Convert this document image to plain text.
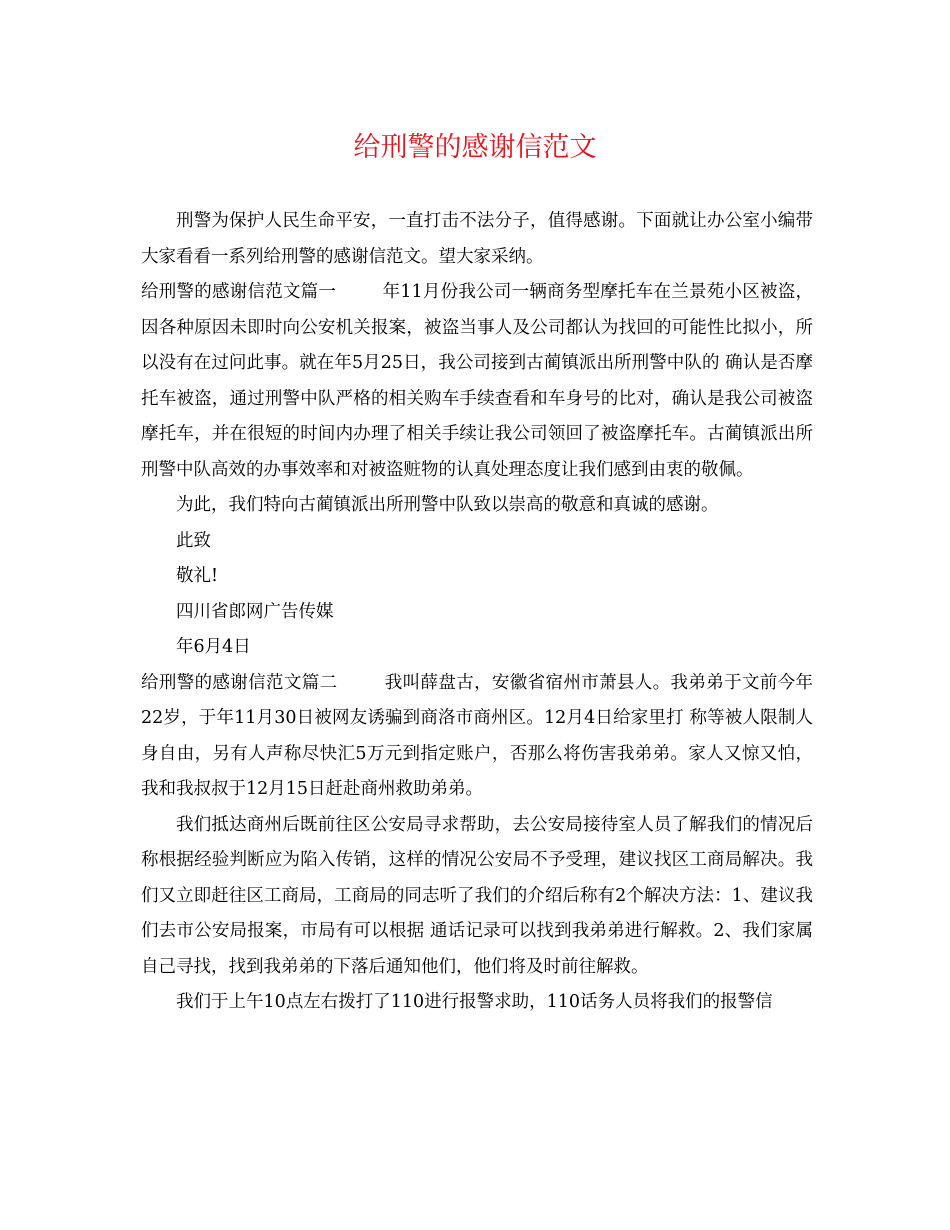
给刑警的感谢信范文

刑警为保护人民生命平安，一直打击不法分子，值得感谢。下面就让办公室小编带大家看看一系列给刑警的感谢信范文。望大家采纳。

给刑警的感谢信范文篇一	年11月份我公司一辆商务型摩托车在兰景苑小区被盗，因各种原因未即时向公安机关报案，被盗当事人及公司都认为找回的可能性比拟小，所以没有在过问此事。就在年5月25日，我公司接到古蔺镇派出所刑警中队的 确认是否摩托车被盗，通过刑警中队严格的相关购车手续查看和车身号的比对，确认是我公司被盗摩托车，并在很短的时间内办理了相关手续让我公司领回了被盗摩托车。古蔺镇派出所刑警中队高效的办事效率和对被盗赃物的认真处理态度让我们感到由衷的敬佩。

为此，我们特向古蔺镇派出所刑警中队致以崇高的敬意和真诚的感谢。

此致

敬礼!

四川省郎网广告传媒

年6月4日

给刑警的感谢信范文篇二	我叫薛盘古，安徽省宿州市萧县人。我弟弟于文前今年22岁，于年11月30日被网友诱骗到商洛市商州区。12月4日给家里打 称等被人限制人身自由，另有人声称尽快汇5万元到指定账户，否那么将伤害我弟弟。家人又惊又怕，我和我叔叔于12月15日赶赴商州救助弟弟。

我们抵达商州后既前往区公安局寻求帮助，去公安局接待室人员了解我们的情况后称根据经验判断应为陷入传销，这样的情况公安局不予受理，建议找区工商局解决。我们又立即赶往区工商局，工商局的同志听了我们的介绍后称有2个解决方法：1、建议我们去市公安局报案，市局有可以根据 通话记录可以找到我弟弟进行解救。2、我们家属自己寻找，找到我弟弟的下落后通知他们，他们将及时前往解救。

我们于上午10点左右拨打了110进行报警求助，110话务人员将我们的报警信
